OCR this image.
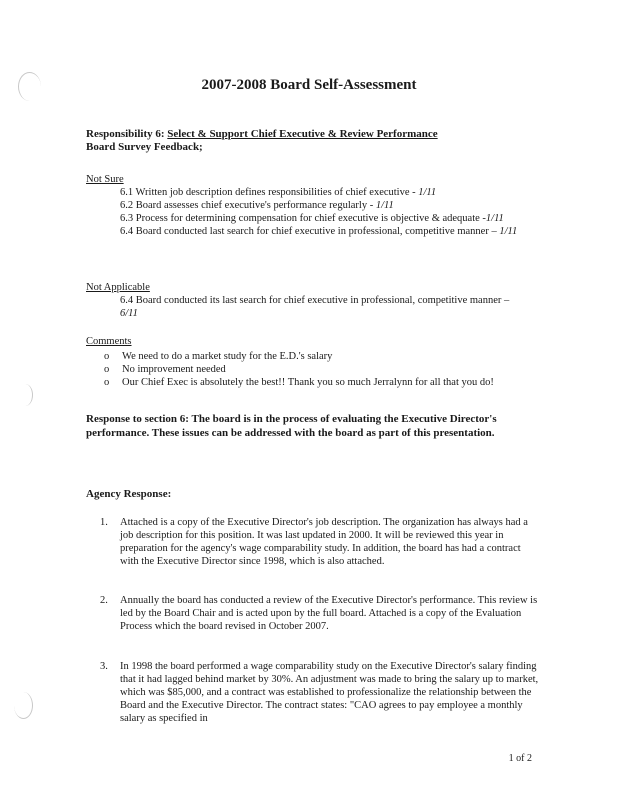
2007-2008 Board Self-Assessment
Responsibility 6: Select & Support Chief Executive & Review Performance
Board Survey Feedback;
Not Sure

6.1 Written job description defines responsibilities of chief executive - 1/11

6.2 Board assesses chief executive's performance regularly - 1/11

6.3 Process for determining compensation for chief executive is objective & adequate -1/11

6.4 Board conducted last search for chief executive in professional, competitive manner – 1/11

Not Applicable

6.4 Board conducted its last search for chief executive in professional, competitive manner – 6/11

Comments
o We need to do a market study for the E.D.'s salary
o No improvement needed
o Our Chief Exec is absolutely the best!! Thank you so much Jerralynn for all that you do!
Response to section 6: The board is in the process of evaluating the Executive Director's performance. These issues can be addressed with the board as part of this presentation.
Agency Response:
1.	Attached is a copy of the Executive Director's job description. The organization has always had a job description for this position. It was last updated in 2000. It will be reviewed this year in preparation for the agency's wage comparability study. In addition, the board has had a contract with the Executive Director since 1998, which is also attached.

2.	Annually the board has conducted a review of the Executive Director's performance. This review is led by the Board Chair and is acted upon by the full board. Attached is a copy of the Evaluation Process which the board revised in October 2007.

3.	In 1998 the board performed a wage comparability study on the Executive Director's salary finding that it had lagged behind market by 30%. An adjustment was made to bring the salary up to market, which was $85,000, and a contract was established to professionalize the relationship between the Board and the Executive Director. The contract states: "CAO agrees to pay employee a monthly salary as specified in

1 of 2
